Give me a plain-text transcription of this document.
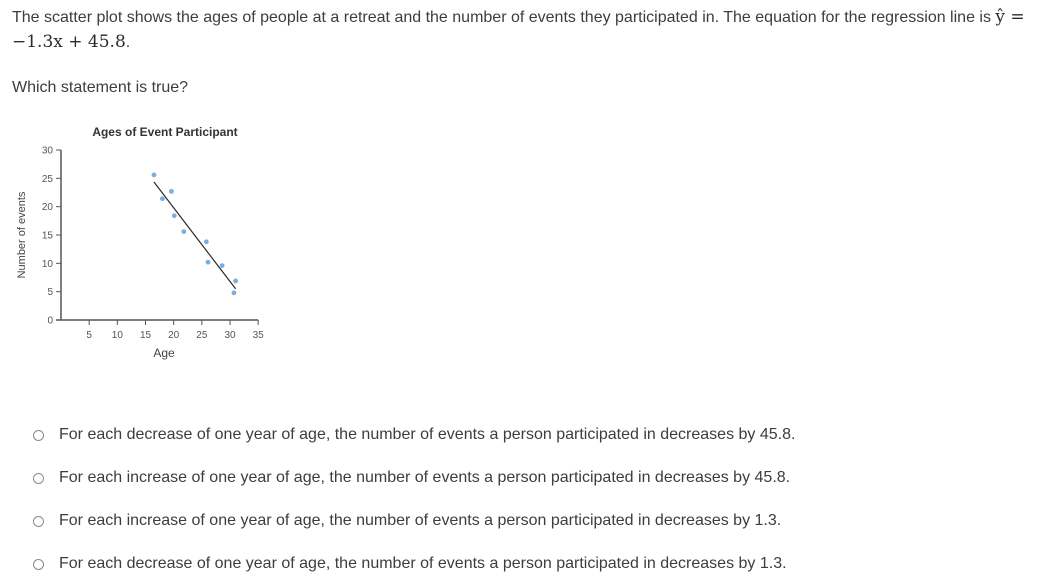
The scatter plot shows the ages of people at a retreat and the number of events they participated in. The equation for the regression line is ŷ = −1.3x + 45.8.
Which statement is true?
Ages of Event Participant
0
5
10
15
20
25
30
5 10 15 20 25 30 35
Age
Number of events
For each decrease of one year of age, the number of events a person participated in decreases by 45.8.
For each increase of one year of age, the number of events a person participated in decreases by 45.8.
For each increase of one year of age, the number of events a person participated in decreases by 1.3.
For each decrease of one year of age, the number of events a person participated in decreases by 1.3.
